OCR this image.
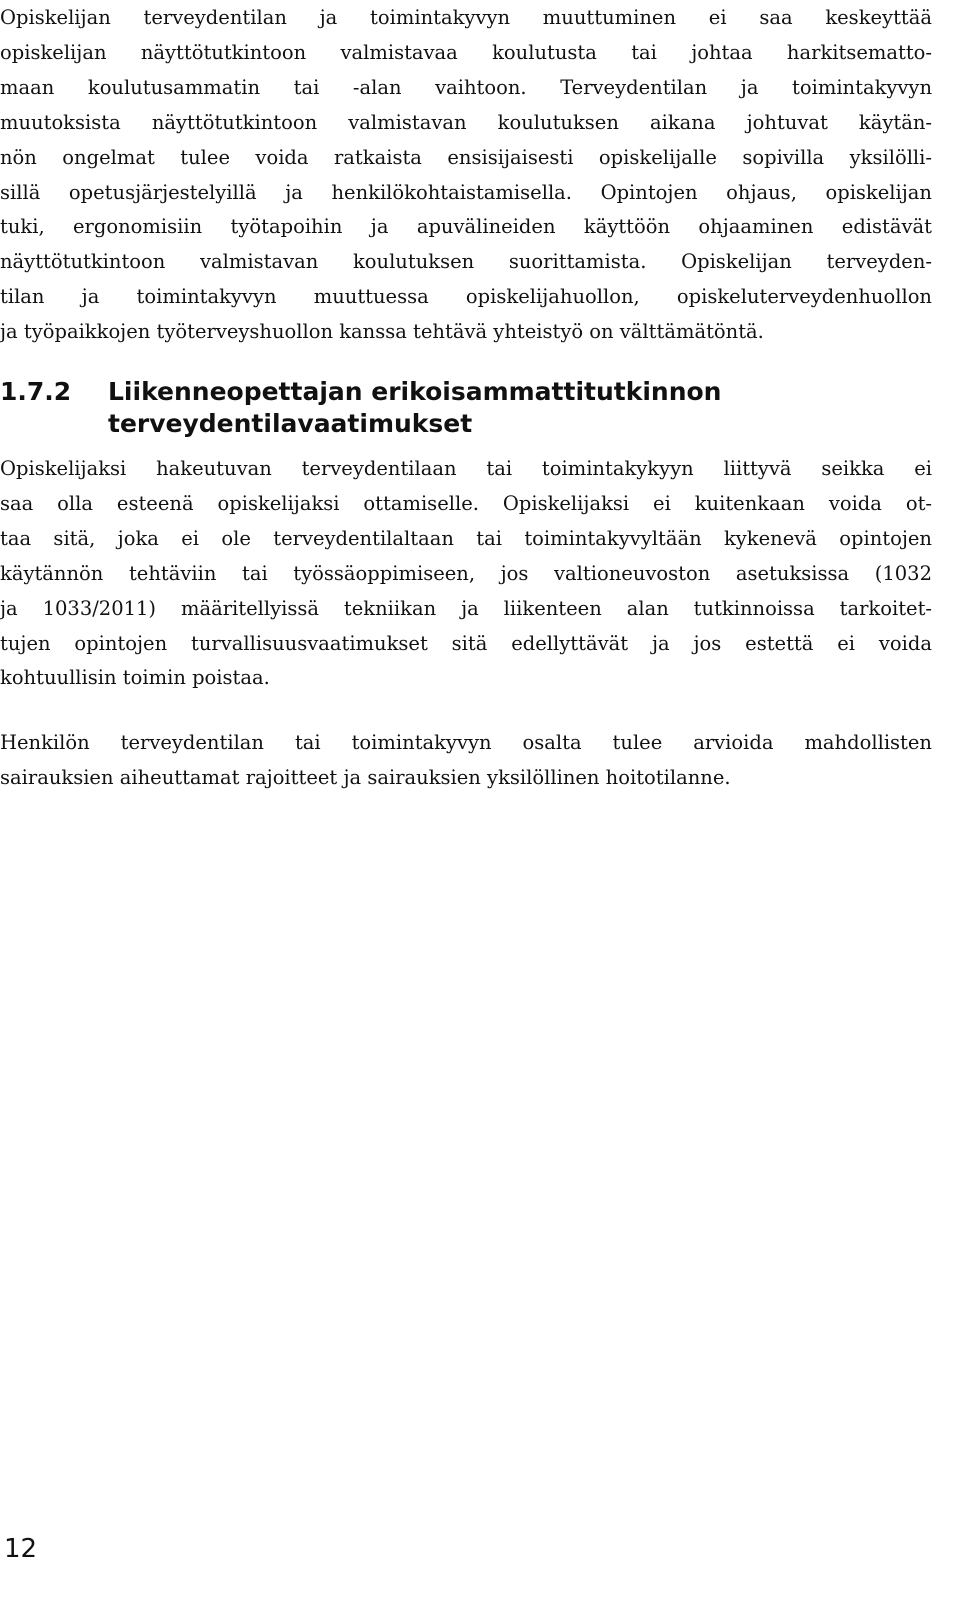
Opiskelijan terveydentilan ja toimintakyvyn muuttuminen ei saa keskeyttää
opiskelijan näyttötutkintoon valmistavaa koulutusta tai johtaa harkitsematto-
maan koulutusammatin tai -alan vaihtoon. Terveydentilan ja toimintakyvyn
muutoksista näyttötutkintoon valmistavan koulutuksen aikana johtuvat käytän-
nön ongelmat tulee voida ratkaista ensisijaisesti opiskelijalle sopivilla yksilölli-
sillä opetusjärjestelyillä ja henkilökohtaistamisella. Opintojen ohjaus, opiskelijan
tuki, ergonomisiin työtapoihin ja apuvälineiden käyttöön ohjaaminen edistävät
näyttötutkintoon valmistavan koulutuksen suorittamista. Opiskelijan terveyden-
tilan ja toimintakyvyn muuttuessa opiskelijahuollon, opiskeluterveydenhuollon
ja työpaikkojen työterveyshuollon kanssa tehtävä yhteistyö on välttämätöntä.
1.7.2	Liikenneopettajan erikoisammattitutkinnon
terveydentilavaatimukset
Opiskelijaksi hakeutuvan terveydentilaan tai toimintakykyyn liittyvä seikka ei
saa olla esteenä opiskelijaksi ottamiselle. Opiskelijaksi ei kuitenkaan voida ot-
taa sitä, joka ei ole terveydentilaltaan tai toimintakyvyltään kykenevä opintojen
käytännön tehtäviin tai työssäoppimiseen, jos valtioneuvoston asetuksissa (1032
ja 1033/2011) määritellyissä tekniikan ja liikenteen alan tutkinnoissa tarkoitet-
tujen opintojen turvallisuusvaatimukset sitä edellyttävät ja jos estettä ei voida
kohtuullisin toimin poistaa.
Henkilön terveydentilan tai toimintakyvyn osalta tulee arvioida mahdollisten
sairauksien aiheuttamat rajoitteet ja sairauksien yksilöllinen hoitotilanne.
12
